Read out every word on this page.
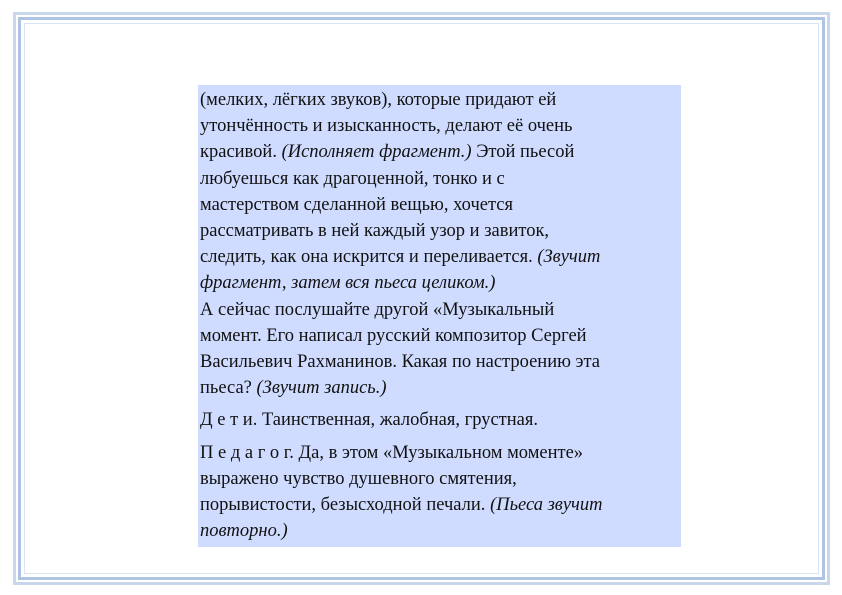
(мелких, лёгких звуков), которые придают ей
утончённость и изысканность, делают её очень
красивой. (Исполняет фрагмент.) Этой пьесой
любуешься как драгоценной, тонко и с
мастерством сделанной вещью, хочется
рассматривать в ней каждый узор и завиток,
следить, как она искрится и переливается. (Звучит
фрагмент, затем вся пьеса целиком.)

А сейчас послушайте другой «Музыкальный
момент. Его написал русский композитор Сергей
Васильевич Рахманинов. Какая по настроению эта
пьеса? (Звучит запись.)

Д е т и. Таинственная, жалобная, грустная.

П е д а г о г. Да, в этом «Музыкальном моменте»
выражено чувство душевного смятения,
порывистости, безысходной печали. (Пьеса звучит
повторно.)
